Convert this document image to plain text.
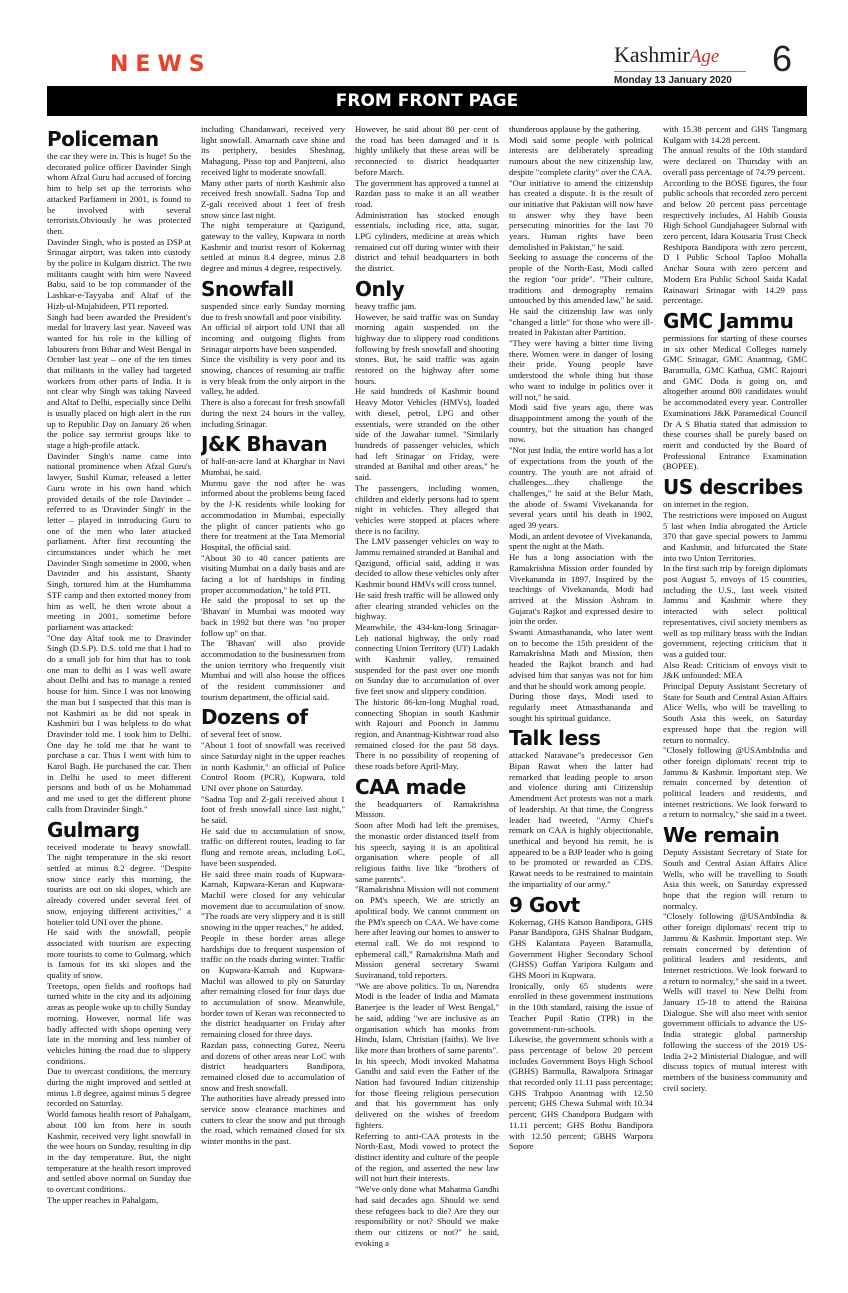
NEWS	KashmirAge
Monday 13 January 2020
6
FROM FRONT PAGE
Policeman

the car they were in. This is huge! So the decorated police officer Davinder Singh whom Afzal Guru had accused of forcing him to help set up the terrorists who attacked Parliament in 2001, is found to be involved with several terrorists.Obviously he was protected then.

Davinder Singh, who is posted as DSP at Srinagar airport, was taken into custody by the police in Kulgam district. The two militants caught with him were Naveed Babu, said to be top commander of the Lashkar-e-Tayyaba and Altaf of the Hizb-ul-Mujahideen, PTI reported.

Singh had been awarded the President's medal for bravery last year. Naveed was wanted for his role in the killing of labourers from Bihar and West Bengal in October last year – one of the ten times that militants in the valley had targeted workers from other parts of India. It is not clear why Singh was taking Naveed and Altaf to Delhi, especially since Delhi is usually placed on high alert in the run up to Republic Day on January 26 when the police say terrorist groups like to stage a high-profile attack.

Davinder Singh's name came into national prominence when Afzal Guru's lawyer, Sushil Kumar, released a letter Guru wrote in his own hand which provided details of the role Davinder – referred to as 'Dravinder Singh' in the letter – played in introducing Guru to one of the men who later attacked parliament. After first recounting the circumstances under which he met Davinder Singh sometime in 2000, when Davinder and his assistant, Shanty Singh, tortured him at the Humhamma STF camp and then extorted money from him as well, he then wrote about a meeting in 2001, sometime before parliament was attacked:

"One day Altaf took me to Dravinder Singh (D.S.P). D.S. told me that I had to do a small job for him that has to took one man to delhi as I was well aware about Delhi and has to manage a rented house for him. Since I was not knowing the man but I suspected that this man is not Kashmiri as he did not speak in Kashmiri but I was helpless to do what Dravinder told me. I took him to Delhi. One day he told me that he want to purchase a car. Thus I went with him to Karol Bagh. He purchased the car. Then in Delhi he used to meet different persons and both of us he Mohammad and me used to get the different phone calls from Dravinder Singh."

Gulmarg

received moderate to heavy snowfall. The night temperature in the ski resort settled at minus 8.2 degree. "Despite snow since early this morning, the tourists are out on ski slopes, which are already covered under several feet of snow, enjoying different activities," a hotelier told UNI over the phone.

He said with the snowfall, people associated with tourism are expecting more tourists to come to Gulmarg, which is famous for its ski slopes and the quality of snow.

Treetops, open fields and rooftops had turned white in the city and its adjoining areas as people woke up to chilly Sunday morning. However, normal life was badly affected with shops opening very late in the morning and less number of vehicles hitting the road due to slippery conditions.

Due to overcast conditions, the mercury during the night improved and settled at minus 1.8 degree, against minus 5 degree recorded on Saturday.

World famous health resort of Pahalgam, about 100 km from here in south Kashmir, received very light snowfall in the wee hours on Sunday, resulting in dip in the day temperature. But, the night temperature at the health resort improved and settled above normal on Sunday due to overcast conditions.

The upper reaches in Pahalgam,

including Chandanwari, received very light snowfall. Amarnath cave shine and its periphery, besides Sheshnag, Mahagung, Pisso top and Panjterni, also received light to moderate snowfall.

Many other parts of north Kashmir also received fresh snowfall. Sadna Top and Z-gali received about 1 feet of fresh snow since last night.

The night temperature at Qazigund, gateway to the valley, Kupwara in north Kashmir and tourist resort of Kokernag settled at minus 8.4 degree, minus 2.8 degree and minus 4 degree, respectively.

Snowfall

suspended since early Sunday morning due to fresh snowfall and poor visibility.

An official of airport told UNI that all incoming and outgoing flights from Srinagar airports have been suspended.

Since the visibility is very poor and its snowing, chances of resuming air traffic is very bleak from the only airport in the valley, he added.

There is also a forecast for fresh snowfall during the next 24 hours in the valley, including Srinagar.

J&K Bhavan

of half-an-acre land at Kharghar in Navi Mumbai, he said.

Murmu gave the nod after he was informed about the problems being faced by the J-K residents while looking for accommodation in Mumbai, especially the plight of cancer patients who go there for treatment at the Tata Memorial Hospital, the official said.

"About 30 to 40 cancer patients are visiting Mumbai on a daily basis and are facing a lot of hardships in finding proper accommodation," he told PTI.

He said the proposal to set up the 'Bhavan' in Mumbai was mooted way back in 1992 but there was "no proper follow up" on that.

The 'Bhavan' will also provide accommodation to the businessmen from the union territory who frequently visit Mumbai and will also house the offices of the resident commissioner and tourism department, the official said.

Dozens of

of several feet of snow.

"About 1 foot of snowfall was received since Saturday night in the upper reaches in north Kashmir," an official of Police Control Room (PCR), Kupwara, told UNI over phone on Saturday.

"Sadna Top and Z-gali received about 1 foot of fresh snowfall since last night," he said.

He said due to accumulation of snow, traffic on different routes, leading to far flung and remote areas, including LoC, have been suspended.

He said three main roads of Kupwara-Karnah, Kupwara-Keran and Kupwara-Machil were closed for any vehicular movement due to accumulation of snow. "The roads are very slippery and it is still snowing in the upper reaches," he added.

People in these border areas allege hardships due to frequent suspension of traffic on the roads during winter. Traffic on Kupwara-Karnah and Kupwara-Machil was allowed to ply on Saturday after remaining closed for four days due to accumulation of snow. Meanwhile, border town of Keran was reconnected to the district headquarter on Friday after remaining closed for three days.

Razdan pass, connecting Gurez, Neeru and dozens of other areas near LoC with district headquarters Bandipora, remained closed due to accumulation of snow and fresh snowfall.

The authorities have already pressed into service snow clearance machines and cutters to clear the snow and put through the road, which remained closed for six winter months in the past.

However, he said about 80 per cent of the road has been damaged and it is highly unlikely that these areas will be reconnected to district headquarter before March.

The government has approved a tunnel at Razdan pass to make it an all weather road.

Administration has stocked enough essentials, including rice, atta, sugar, LPG cylinders, medicine at areas which remained cut off during winter with their district and tehsil headquarters in both the district.

Only

heavy traffic jam.

However, he said traffic was on Sunday morning again suspended on the highway due to slippery road conditions following by fresh snowfall and shooting stones. But, he said traffic was again restored on the highway after some hours.

He said hundreds of Kashmir bound Heavy Motor Vehicles (HMVs), loaded with diesel, petrol, LPG and other essentials, were stranded on the other side of the Jawahar tunnel. "Similarly hundreds of passenger vehicles, which had left Srinagar on Friday, were stranded at Banihal and other areas," he said.

The passengers, including women, children and elderly persons had to spent night in vehicles. They alleged that vehicles were stopped at places where there is no facility.

The LMV passenger vehicles on way to Jammu remained stranded at Banihal and Qazigund, official said, adding it was decided to allow these vehicles only after Kashmir bound HMVs will cross tunnel.

He said fresh traffic will be allowed only after clearing stranded vehicles on the highway.

Meanwhile, the 434-km-long Srinagar-Leh national highway, the only road connecting Union Territory (UT) Ladakh with Kashmir valley, remained suspended for the past over one month on Sunday due to accumulation of over five feet snow and slippery condition.

The historic 86-km-long Mughal road, connecting Shopian in south Kashmir with Rajouri and Poonch in Jammu region, and Anantnag-Kishtwar road also remained closed for the past 58 days. There is no possibility of reopening of these roads before April-May.

CAA made

the headquarters of Ramakrishna Mission.

Soon after Modi had left the premises, the monastic order distanced itself from his speech, saying it is an apolitical organisation where people of all religious faiths live like "brothers of same parents".

"Ramakrishna Mission will not comment on PM's speech. We are strictly an apolitical body. We cannot comment on the PM's speech on CAA. We have come here after leaving our homes to answer to eternal call. We do not respond to ephemeral call," Ramakrishna Math and Mission general secretary Swami Suviranand, told reporters.

"We are above politics. To us, Narendra Modi is the leader of India and Mamata Banerjee is the leader of West Bengal," he said, adding "we are inclusive as an organisation which has monks from Hindu, Islam, Christian (faiths). We live like more than brothers of same parents".

In his speech, Modi invoked Mahatma Gandhi and said even the Father of the Nation had favoured Indian citizenship for those fleeing religious persecution and that his government has only delivered on the wishes of freedom fighters.

Referring to anti-CAA protests in the North-East, Modi vowed to protect the distinct identity and culture of the people of the region, and asserted the new law will not hurt their interests.

"We've only done what Mahatma Gandhi had said decades ago. Should we send these refugees back to die? Are they our responsibility or not? Should we make them our citizens or not?" he said, evoking a

thunderous applause by the gathering.

Modi said some people with political interests are deliberately spreading rumours about the new citizenship law, despite "complete clarity" over the CAA.

"Our initiative to amend the citizenship has created a dispute. It is the result of our initiative that Pakistan will now have to answer why they have been persecuting minorities for the last 70 years. Human rights have been demolished in Pakistan," he said.

Seeking to assuage the concerns of the people of the North-East, Modi called the region "our pride". "Their culture, traditions and demography remains untouched by this amended law," he said.

He said the citizenship law was only "changed a little" for those who were ill-treated in Pakistan after Partition.

"They were having a bitter time living there. Women were in danger of losing their pride. Young people have understood the whole thing but those who want to indulge in politics over it will not," he said.

Modi said five years ago, there was disappointment among the youth of the country, but the situation has changed now.

"Not just India, the entire world has a lot of expectations from the youth of the country. The youth are not afraid of challenges....they challenge the challenges," he said at the Belur Math, the abode of Swami Vivekananda for several years until his death in 1902, aged 39 years.

Modi, an ardent devotee of Vivekananda,

spent the night at the Math.

He has a long association with the Ramakrishna Mission order founded by Vivekananda in 1897. Inspired by the teachings of Vivekananda, Modi had arrived at the Mission Ashram in Gujarat's Rajkot and expressed desire to join the order.

Swami Atmasthananda, who later went on to become the 15th president of the Ramakrishna Math and Mission, then headed the Rajkot branch and had advised him that sanyas was not for him and that he should work among people.

During those days, Modi used to regularly meet Atmasthananda and sought his spiritual guidance.

Talk less

attacked Naravane"s predecessor Gen Bipan Rawat when the latter had remarked that leading people to arson and violence during anti Citizenship Amendment Act protests was not a mark of leadership. At that time, the Congress leader had tweeted, "Army Chief's remark on CAA is highly objectionable, unethical and beyond his remit, he is appeared to be a BJP leader who is going to be promoted or rewarded as CDS. Rawat needs to be restrained to maintain the impartiality of our army."

9 Govt

Kokernag, GHS Katson Bandipora, GHS Panar Bandipora, GHS Shalnar Budgam, GHS Kalantara Payeen Baramulla, Government Higher Secondary School (GHSS) Guffan Yaripora Kulgam and GHS Moori in Kupwara.

Ironically, only 65 students were enrolled in these government institutions in the 10th standard, raising the issue of Teacher Pupil Ratio (TPR) in the government-run-schools.

Likewise, the government schools with a pass percentage of below 20 percent includes Government Boys High School (GBHS) Barmulla, Rawalpora Srinagar that recorded only 11.11 pass percentage; GHS Trahpoo Anantnag with 12.50 percent; GHS Chewa Submal with 10.34 percent; GHS Chandpora Budgam with 11.11 percent; GHS Bothu Bandipora with 12.50 percent; GBHS Warpora Sopore

with 15.38 percent and GHS Tangmarg Kulgam with 14.28 percent.

The annual results of the 10th standard were declared on Thursday with an overall pass percentage of 74.79 percent.

According to the BOSE figures, the four public schools that recorded zero percent and below 20 percent pass percentage respectively includes, Al Habib Gousia High School Gundjahageer Subrnal with zero percent, Idara Kousaria Trust Check Reshipora Bandipora with zero percent, D I Public School Taploo Mohalla Anchar Soura with zero percent and Modern Era Public School Saida Kadal Rainawari Srinagar with 14.29 pass percentage.

GMC Jammu

permissions for starting of these courses in six other Medical Colleges namely GMC Srinagar, GMC Anantnag, GMC Baramulla, GMC Kathua, GMC Rajouri and GMC Doda is going on, and altogether around 800 candidates would be accommodated every year. Controller Examinations J&K Paramedical Council Dr A S Bhatia stated that admission to these courses shall be purely based on merit and conducted by the Board of Professional Entrance Examination (BOPEE).

US describes

on internet in the region.

The restrictions were imposed on August 5 last when India abrogated the Article 370 that gave special powers to Jammu and Kashmir, and bifurcated the State into two Union Territories.

In the first such trip by foreign diplomats post August 5, envoys of 15 countries, including the U.S., last week visited Jammu and Kashmir where they interacted with select political representatives, civil society members as well as top military brass with the Indian government, rejecting criticism that it was a guided tour.

Also Read: Criticism of envoys visit to J&K unfounded: MEA

Principal Deputy Assistant Secretary of State for South and Central Asian Affairs Alice Wells, who will be travelling to South Asia this week, on Saturday expressed hope that the region will return to normalcy.

"Closely following @USAmbIndia and other foreign diplomats' recent trip to Jammu & Kashmir. Important step. We remain concerned by detention of political leaders and residents, and internet restrictions. We look forward to a return to normalcy," she said in a tweet.

We remain

Deputy Assistant Secretary of State for South and Central Asian Affairs Alice Wells, who will be travelling to South Asia this week, on Saturday expressed hope that the region will return to normalcy.

"Closely following @USAmbIndia & other foreign diplomats' recent trip to Jammu & Kashmir. Important step. We remain concerned by detention of political leaders and residents, and Internet restrictions. We look forward to a return to normalcy," she said in a tweet.

Wells will travel to New Delhi from January 15-18 to attend the Raisina Dialogue. She will also meet with senior government officials to advance the US-India strategic global partnership following the success of the 2019 US-India 2+2 Ministerial Dialogue, and will discuss topics of mutual interest with members of the business community and civil society.
